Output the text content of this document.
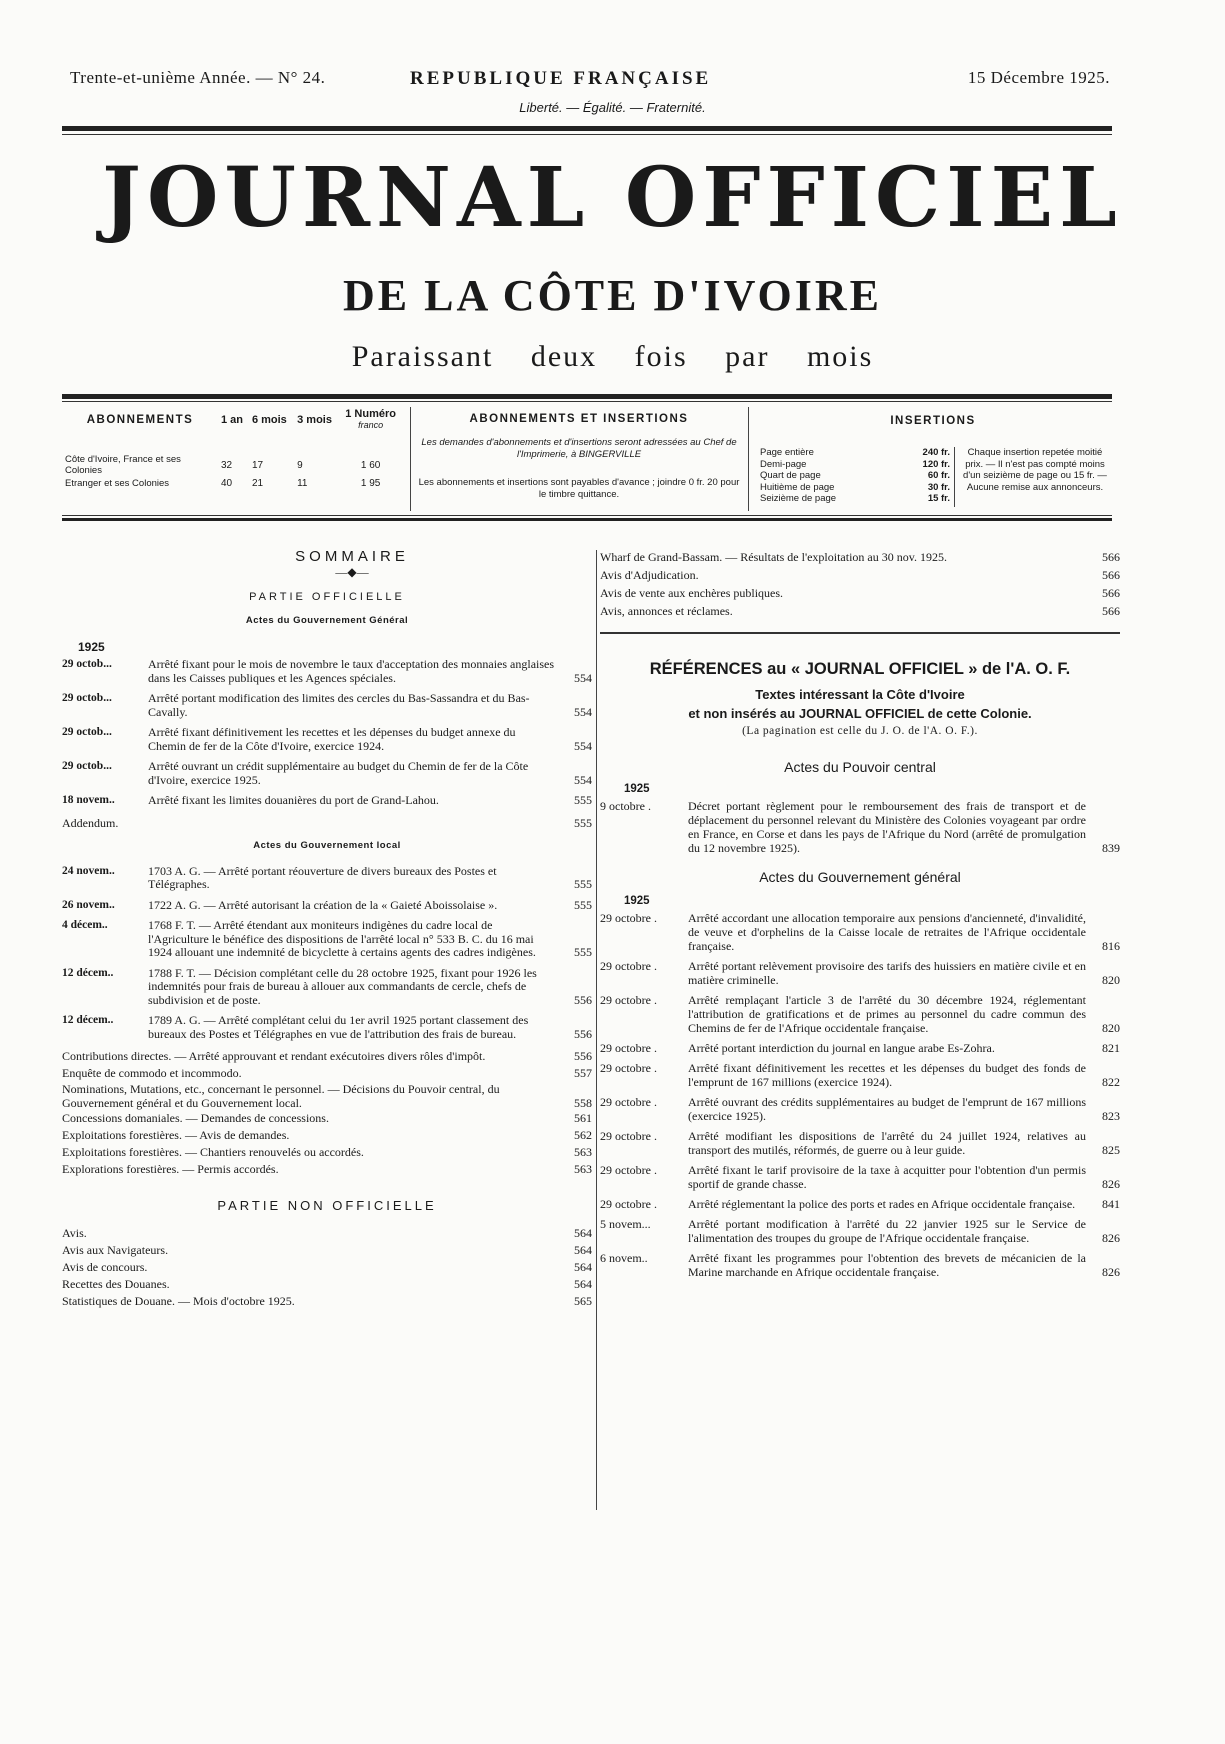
Trente-et-unième Année. — N° 24.	REPUBLIQUE FRANÇAISE	15 Décembre 1925.
Liberté. — Égalité. — Fraternité.
JOURNAL OFFICIEL
DE LA CÔTE D'IVOIRE
Paraissant deux fois par mois
ABONNEMENTS	1 an	6 mois	3 mois	1 Numéro
franco

Côte d'Ivoire, France et ses Colonies	32	17	9	1 60
Etranger et ses Colonies	40	21	11	1 95
ABONNEMENTS ET INSERTIONS
Les demandes d'abonnements et d'insertions seront adressées au Chef de l'Imprimerie, à BINGERVILLE
Les abonnements et insertions sont payables d'avance ; joindre 0 fr. 20 pour le timbre quittance.
INSERTIONS
Page entière	240 fr.
Demi-page	120 fr.
Quart de page	60 fr.
Huitième de page	30 fr.
Seizième de page	15 fr.
Chaque insertion repetée moitié prix. — Il n'est pas compté moins d'un seizième de page ou 15 fr. — Aucune remise aux annonceurs.
SOMMAIRE
—◆—
PARTIE OFFICIELLE
Actes du Gouvernement Général
1925
29 octob...	Arrêté fixant pour le mois de novembre le taux d'acceptation des monnaies anglaises dans les Caisses publiques et les Agences spéciales.	554
29 octob...	Arrêté portant modification des limites des cercles du Bas-Sassandra et du Bas-Cavally.	554
29 octob...	Arrêté fixant définitivement les recettes et les dépenses du budget annexe du Chemin de fer de la Côte d'Ivoire, exercice 1924.	554
29 octob...	Arrêté ouvrant un crédit supplémentaire au budget du Chemin de fer de la Côte d'Ivoire, exercice 1925.	554
18 novem..	Arrêté fixant les limites douanières du port de Grand-Lahou.	555
Addendum.	555
Actes du Gouvernement local
24 novem..	1703 A. G. — Arrêté portant réouverture de divers bureaux des Postes et Télégraphes.	555
26 novem..	1722 A. G. — Arrêté autorisant la création de la « Gaieté Aboissolaise ».	555
4 décem..	1768 F. T. — Arrêté étendant aux moniteurs indigènes du cadre local de l'Agriculture le bénéfice des dispositions de l'arrêté local n° 533 B. C. du 16 mai 1924 allouant une indemnité de bicyclette à certains agents des cadres indigènes.	555
12 décem..	1788 F. T. — Décision complétant celle du 28 octobre 1925, fixant pour 1926 les indemnités pour frais de bureau à allouer aux commandants de cercle, chefs de subdivision et de poste.	556
12 décem..	1789 A. G. — Arrêté complétant celui du 1er avril 1925 portant classement des bureaux des Postes et Télégraphes en vue de l'attribution des frais de bureau.	556
Contributions directes. — Arrêté approuvant et rendant exécutoires divers rôles d'impôt.	556
Enquête de commodo et incommodo.	557
Nominations, Mutations, etc., concernant le personnel. — Décisions du Pouvoir central, du Gouvernement général et du Gouvernement local.	558
Concessions domaniales. — Demandes de concessions.	561
Exploitations forestières. — Avis de demandes.	562
Exploitations forestières. — Chantiers renouvelés ou accordés.	563
Explorations forestières. — Permis accordés.	563
PARTIE NON OFFICIELLE
Avis.	564
Avis aux Navigateurs.	564
Avis de concours.	564
Recettes des Douanes.	564
Statistiques de Douane. — Mois d'octobre 1925.	565
Wharf de Grand-Bassam. — Résultats de l'exploitation au 30 nov. 1925.	566
Avis d'Adjudication.	566
Avis de vente aux enchères publiques.	566
Avis, annonces et réclames.	566
RÉFÉRENCES au « JOURNAL OFFICIEL » de l'A. O. F.
Textes intéressant la Côte d'Ivoire
et non insérés au JOURNAL OFFICIEL de cette Colonie.
(La pagination est celle du J. O. de l'A. O. F.).
Actes du Pouvoir central
1925
9 octobre .	Décret portant règlement pour le remboursement des frais de transport et de déplacement du personnel relevant du Ministère des Colonies voyageant par ordre en France, en Corse et dans les pays de l'Afrique du Nord (arrêté de promulgation du 12 novembre 1925).	839
Actes du Gouvernement général
1925
29 octobre .	Arrêté accordant une allocation temporaire aux pensions d'ancienneté, d'invalidité, de veuve et d'orphelins de la Caisse locale de retraites de l'Afrique occidentale française.	816
29 octobre .	Arrêté portant relèvement provisoire des tarifs des huissiers en matière civile et en matière criminelle.	820
29 octobre .	Arrêté remplaçant l'article 3 de l'arrêté du 30 décembre 1924, réglementant l'attribution de gratifications et de primes au personnel du cadre commun des Chemins de fer de l'Afrique occidentale française.	820
29 octobre .	Arrêté portant interdiction du journal en langue arabe Es-Zohra.	821
29 octobre .	Arrêté fixant définitivement les recettes et les dépenses du budget des fonds de l'emprunt de 167 millions (exercice 1924).	822
29 octobre .	Arrêté ouvrant des crédits supplémentaires au budget de l'emprunt de 167 millions (exercice 1925).	823
29 octobre .	Arrêté modifiant les dispositions de l'arrêté du 24 juillet 1924, relatives au transport des mutilés, réformés, de guerre ou à leur guide.	825
29 octobre .	Arrêté fixant le tarif provisoire de la taxe à acquitter pour l'obtention d'un permis sportif de grande chasse.	826
29 octobre .	Arrêté réglementant la police des ports et rades en Afrique occidentale française.	841
5 novem...	Arrêté portant modification à l'arrêté du 22 janvier 1925 sur le Service de l'alimentation des troupes du groupe de l'Afrique occidentale française.	826
6 novem..	Arrêté fixant les programmes pour l'obtention des brevets de mécanicien de la Marine marchande en Afrique occidentale française.	826
